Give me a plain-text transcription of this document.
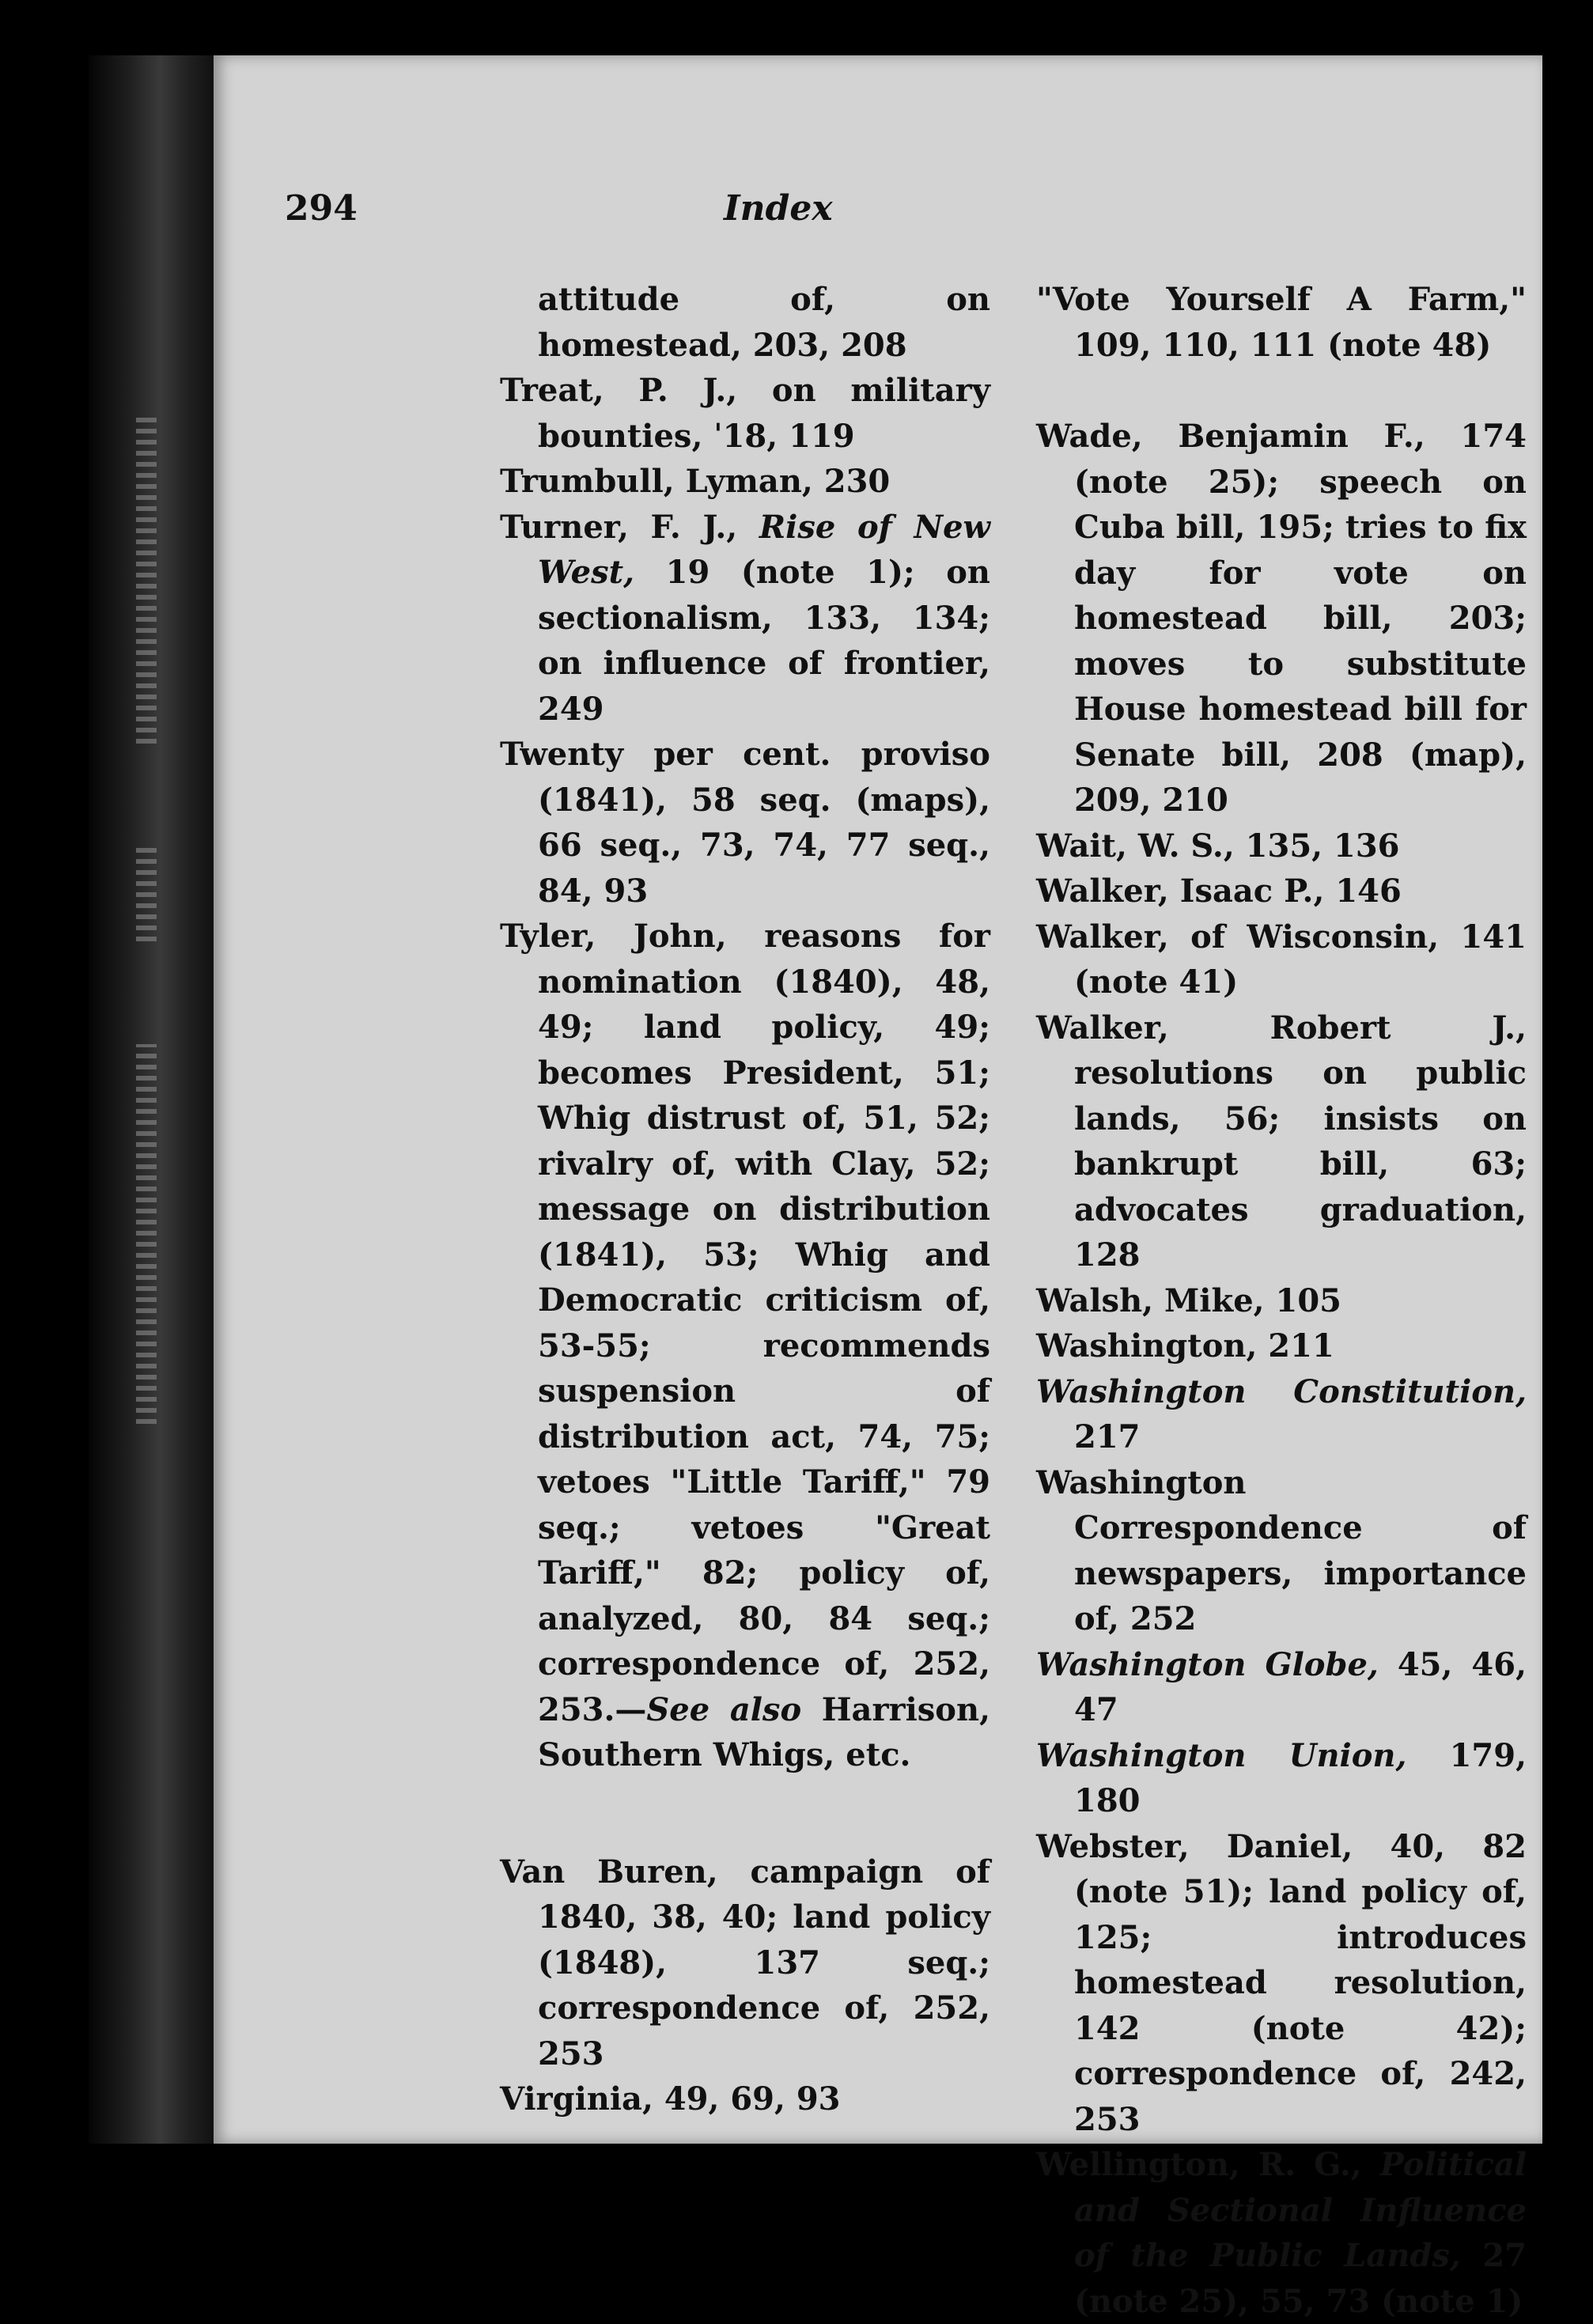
294	Index

attitude of, on homestead, 203, 208

Treat, P. J., on military bounties, ˈ18, 119

Trumbull, Lyman, 230

Turner, F. J., Rise of New West, 19 (note 1); on sectionalism, 133, 134; on influence of frontier, 249

Twenty per cent. proviso (1841), 58 seq. (maps), 66 seq., 73, 74, 77 seq., 84, 93

Tyler, John, reasons for nomination (1840), 48, 49; land policy, 49; becomes President, 51; Whig distrust of, 51, 52; rivalry of, with Clay, 52; message on distribution (1841), 53; Whig and Democratic criticism of, 53-55; recommends suspension of distribution act, 74, 75; vetoes "Little Tariff," 79 seq.; vetoes "Great Tariff," 82; policy of, analyzed, 80, 84 seq.; correspondence of, 252, 253.—See also Harrison, Southern Whigs, etc.

Van Buren, campaign of 1840, 38, 40; land policy (1848), 137 seq.; correspondence of, 252, 253

Virginia, 49, 69, 93

"Vote Yourself A Farm," 109, 110, 111 (note 48)

Wade, Benjamin F., 174 (note 25); speech on Cuba bill, 195; tries to fix day for vote on homestead bill, 203; moves to substitute House homestead bill for Senate bill, 208 (map), 209, 210

Wait, W. S., 135, 136

Walker, Isaac P., 146

Walker, of Wisconsin, 141 (note 41)

Walker, Robert J., resolutions on public lands, 56; insists on bankrupt bill, 63; advocates graduation, 128

Walsh, Mike, 105

Washington, 211

Washington Constitution, 217

Washington Correspondence of newspapers, importance of, 252

Washington Globe, 45, 46, 47

Washington Union, 179, 180

Webster, Daniel, 40, 82 (note 51); land policy of, 125; introduces homestead resolution, 142 (note 42); correspondence of, 242, 253

Wellington, R. G., Political and Sectional Influence of the Public Lands, 27 (note 25), 55, 73 (note 1)
